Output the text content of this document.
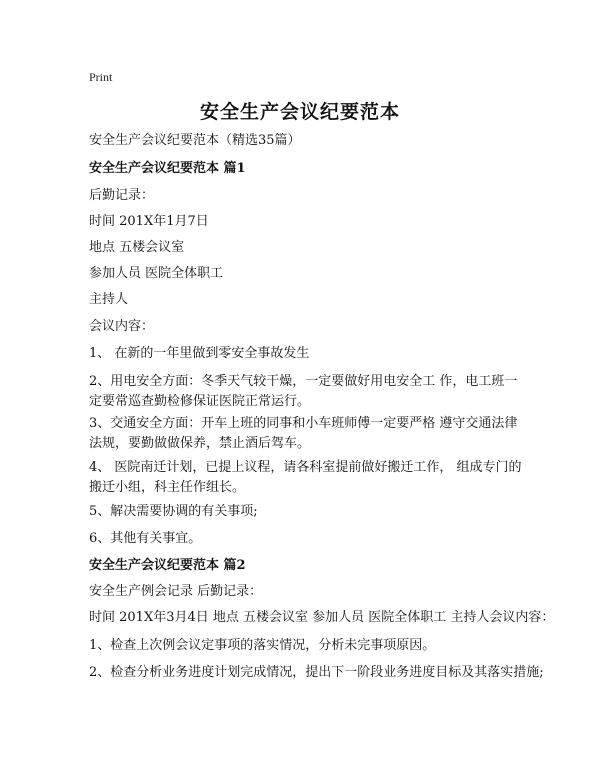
Print
安全生产会议纪要范本
安全生产会议纪要范本（精选35篇）
安全生产会议纪要范本 篇1
后勤记录：
时间 201X年1月7日
地点 五楼会议室
参加人员 医院全体职工
主持人
会议内容：
1、 在新的一年里做到零安全事故发生
2、用电安全方面：冬季天气较干燥，一定要做好用电安全工 作，电工班一定要常巡查勤检修保证医院正常运行。
3、交通安全方面：开车上班的同事和小车班师傅一定要严格 遵守交通法律法规，要勤做做保养，禁止酒后驾车。
4、 医院南迁计划，已提上议程，请各科室提前做好搬迁工作， 组成专门的搬迁小组，科主任作组长。
5、解决需要协调的有关事项;
6、其他有关事宜。
安全生产会议纪要范本 篇2
安全生产例会记录 后勤记录：
时间 201X年3月4日 地点 五楼会议室 参加人员 医院全体职工 主持人会议内容：
1、检查上次例会议定事项的落实情况，分析未完事项原因。
2、检查分析业务进度计划完成情况，提出下一阶段业务进度目标及其落实措施;
